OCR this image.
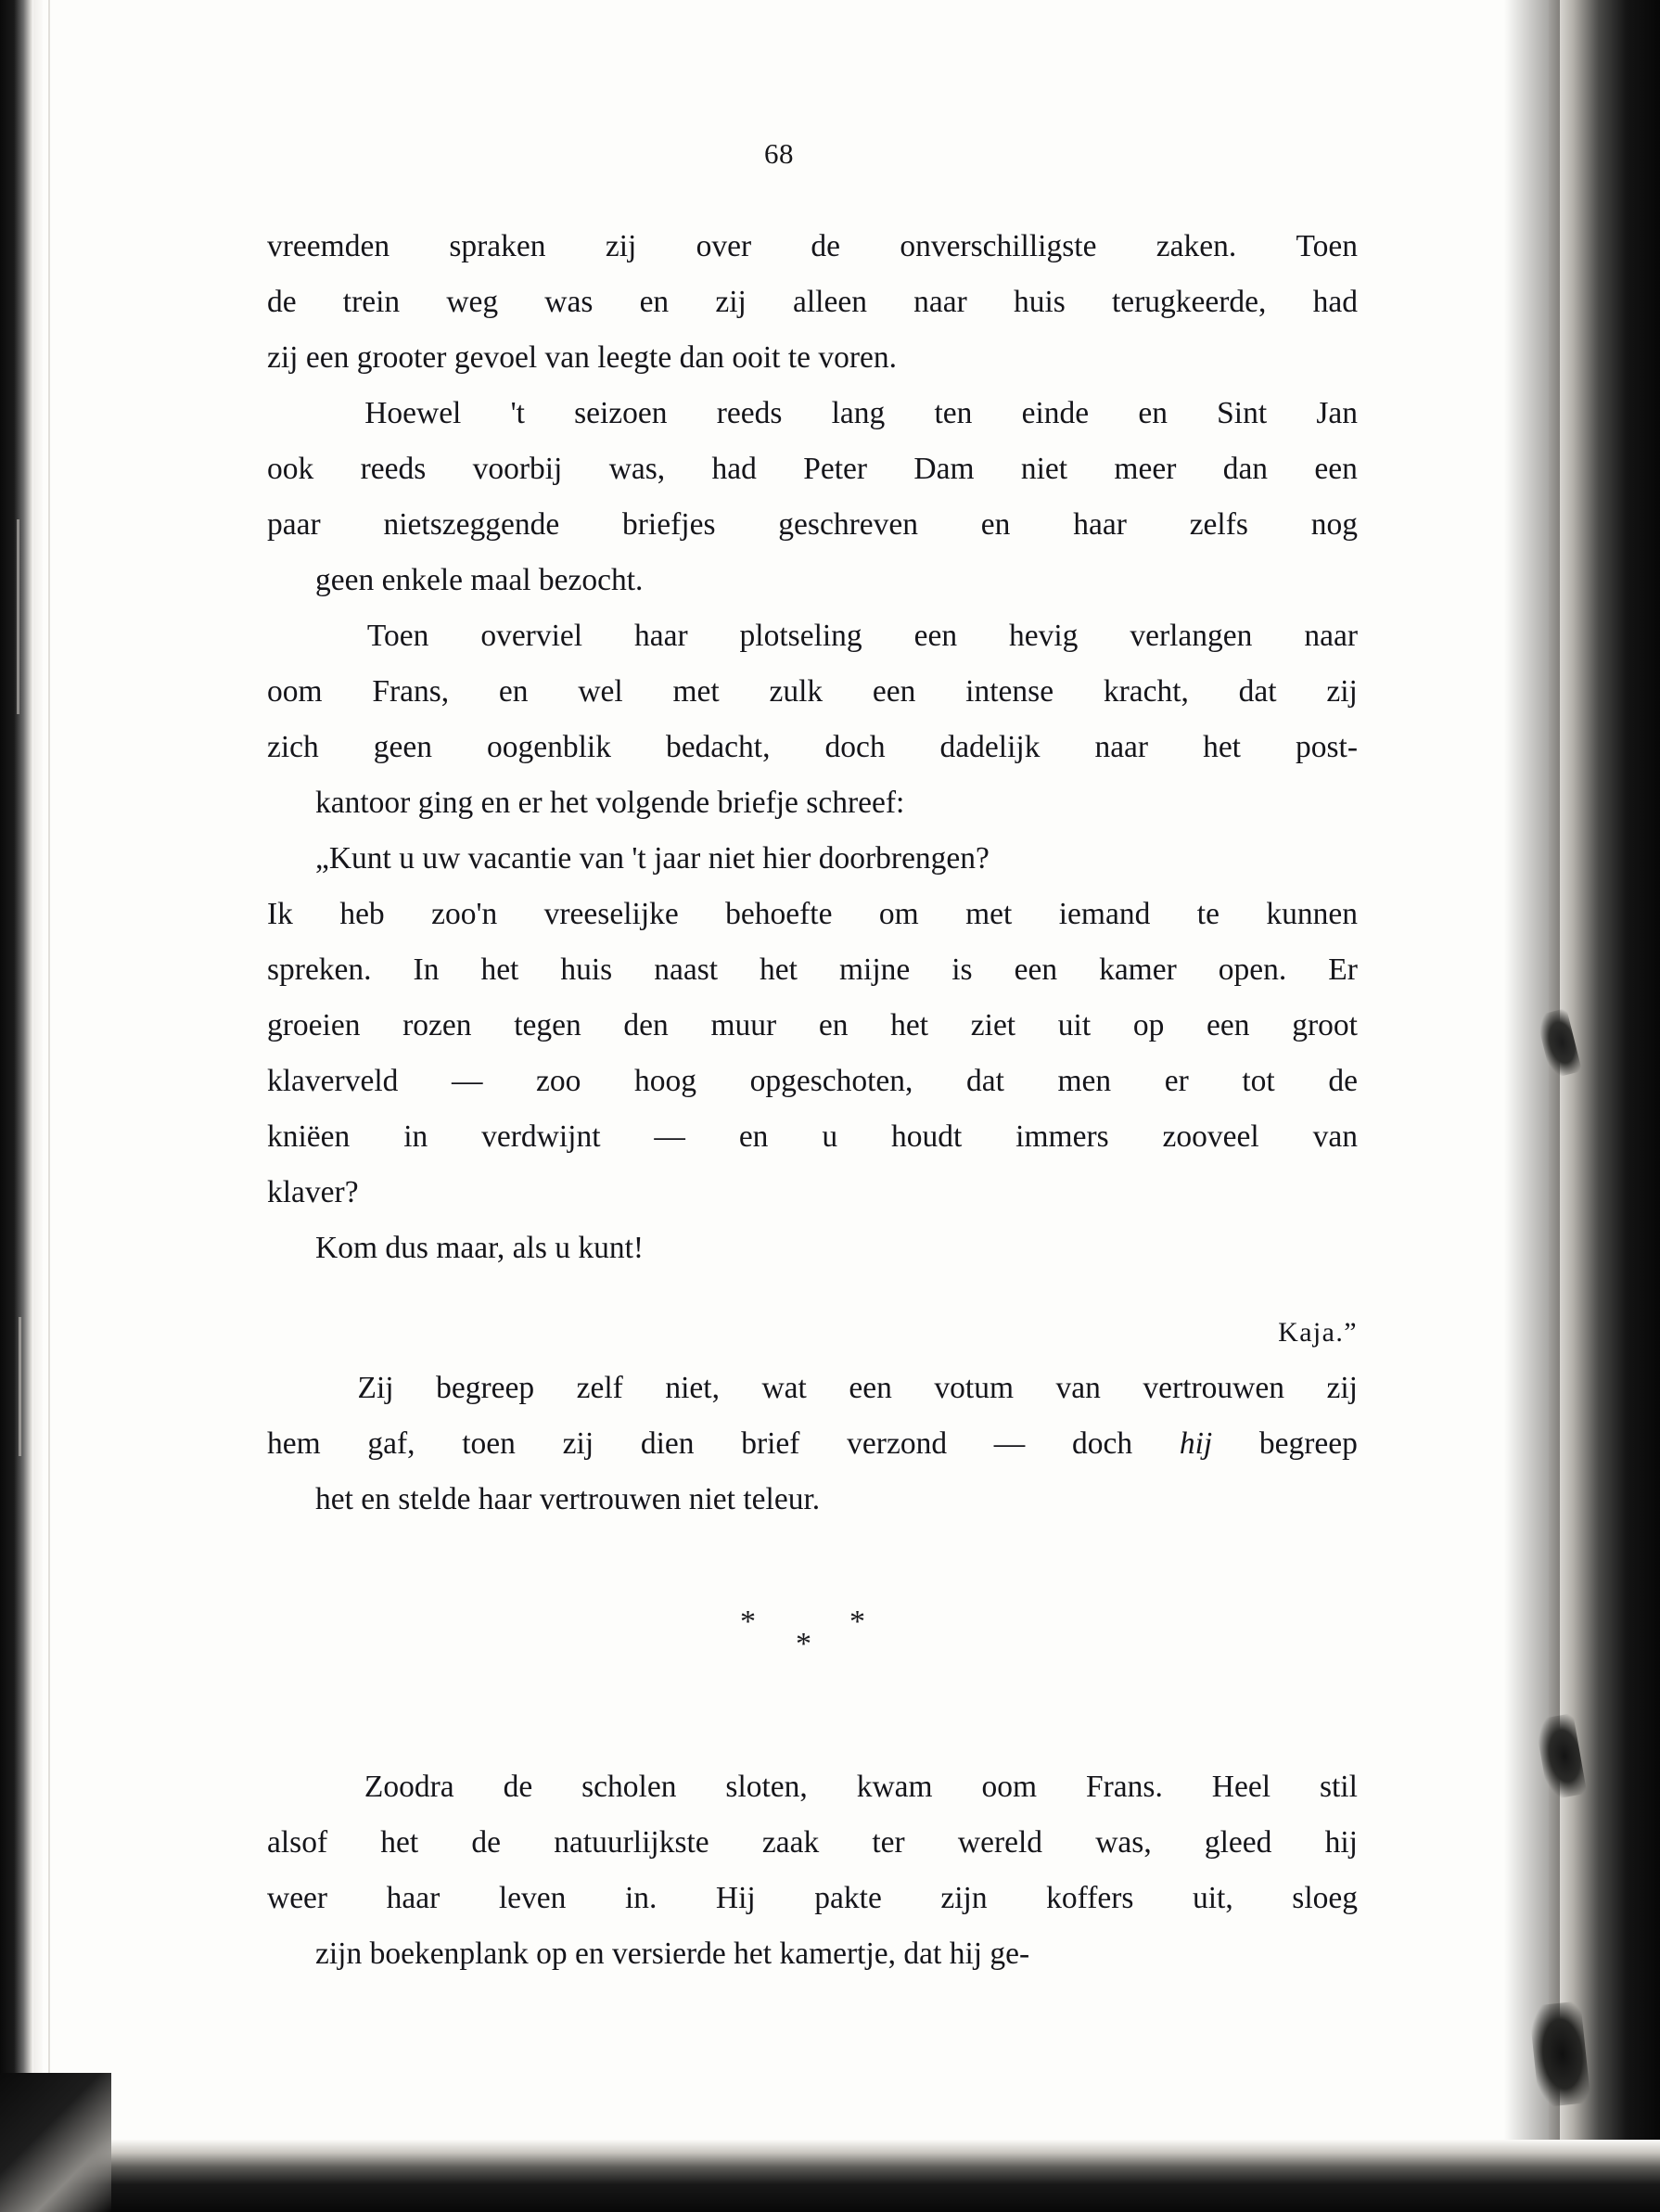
68

vreemden spraken zij over de onverschilligste zaken. Toen
de trein weg was en zij alleen naar huis terugkeerde, had
zij een grooter gevoel van leegte dan ooit te voren.

Hoewel 't seizoen reeds lang ten einde en Sint Jan
ook reeds voorbij was, had Peter Dam niet meer dan een
paar nietszeggende briefjes geschreven en haar zelfs nog
geen enkele maal bezocht.

Toen overviel haar plotseling een hevig verlangen naar
oom Frans, en wel met zulk een intense kracht, dat zij
zich geen oogenblik bedacht, doch dadelijk naar het post-
kantoor ging en er het volgende briefje schreef:

„Kunt u uw vacantie van 't jaar niet hier doorbrengen?

Ik heb zoo'n vreeselijke behoefte om met iemand te kunnen
spreken. In het huis naast het mijne is een kamer open. Er
groeien rozen tegen den muur en het ziet uit op een groot
klaverveld — zoo hoog opgeschoten, dat men er tot de
kniëen in verdwijnt — en u houdt immers zooveel van
klaver?

Kom dus maar, als u kunt!

Kaja.”

Zij begreep zelf niet, wat een votum van vertrouwen zij
hem gaf, toen zij dien brief verzond — doch hij begreep
het en stelde haar vertrouwen niet teleur.

*
*
*

Zoodra de scholen sloten, kwam oom Frans. Heel stil
alsof het de natuurlijkste zaak ter wereld was, gleed hij
weer haar leven in. Hij pakte zijn koffers uit, sloeg
zijn boekenplank op en versierde het kamertje, dat hij ge-
